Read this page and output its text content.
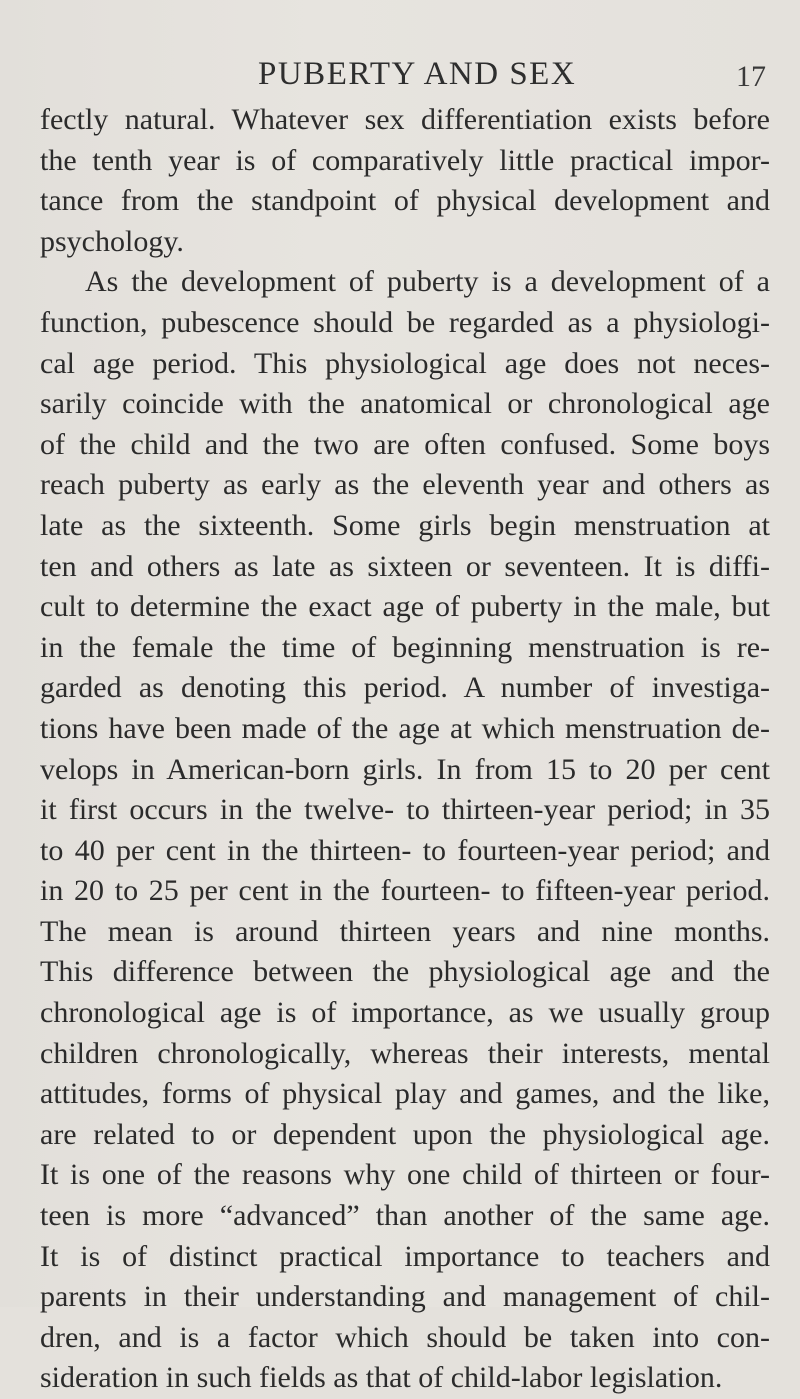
PUBERTY AND SEX	17
fectly natural. Whatever sex differentiation exists before
the tenth year is of comparatively little practical impor-
tance from the standpoint of physical development and
psychology.
As the development of puberty is a development of a
function, pubescence should be regarded as a physiologi-
cal age period. This physiological age does not neces-
sarily coincide with the anatomical or chronological age
of the child and the two are often confused. Some boys
reach puberty as early as the eleventh year and others as
late as the sixteenth. Some girls begin menstruation at
ten and others as late as sixteen or seventeen. It is diffi-
cult to determine the exact age of puberty in the male, but
in the female the time of beginning menstruation is re-
garded as denoting this period. A number of investiga-
tions have been made of the age at which menstruation de-
velops in American-born girls. In from 15 to 20 per cent
it first occurs in the twelve- to thirteen-year period; in 35
to 40 per cent in the thirteen- to fourteen-year period; and
in 20 to 25 per cent in the fourteen- to fifteen-year period.
The mean is around thirteen years and nine months.
This difference between the physiological age and the
chronological age is of importance, as we usually group
children chronologically, whereas their interests, mental
attitudes, forms of physical play and games, and the like,
are related to or dependent upon the physiological age.
It is one of the reasons why one child of thirteen or four-
teen is more “advanced” than another of the same age.
It is of distinct practical importance to teachers and
parents in their understanding and management of chil-
dren, and is a factor which should be taken into con-
sideration in such fields as that of child-labor legislation.
